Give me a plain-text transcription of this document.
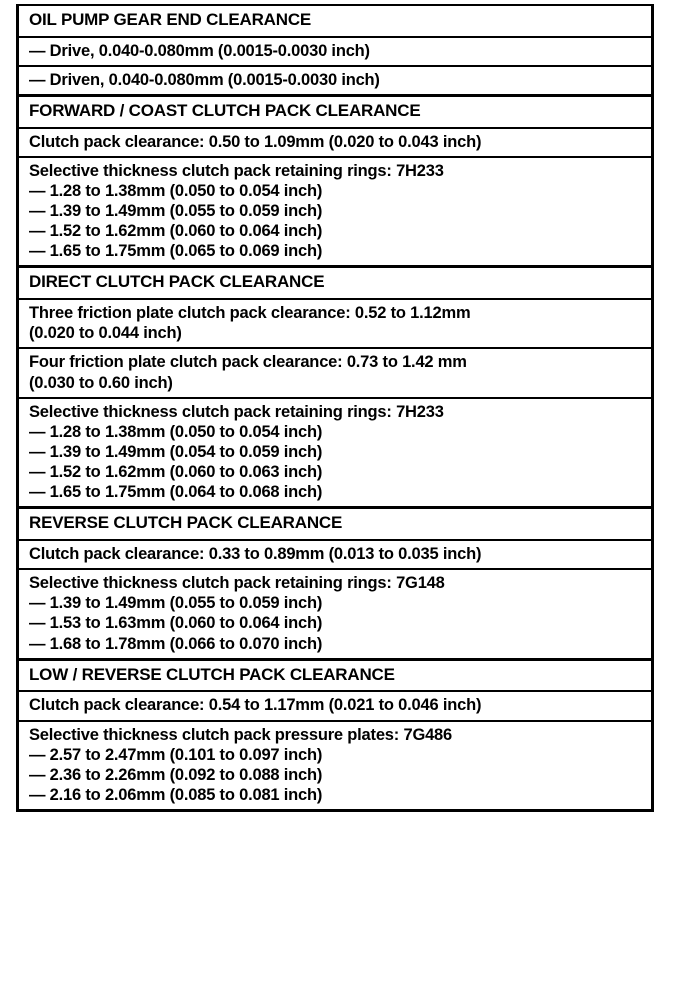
OIL PUMP GEAR END CLEARANCE
— Drive, 0.040-0.080mm (0.0015-0.0030 inch)
— Driven, 0.040-0.080mm (0.0015-0.0030 inch)
FORWARD / COAST CLUTCH PACK CLEARANCE
Clutch pack clearance: 0.50 to 1.09mm (0.020 to 0.043 inch)
Selective thickness clutch pack retaining rings: 7H233
— 1.28 to 1.38mm (0.050 to 0.054 inch)
— 1.39 to 1.49mm (0.055 to 0.059 inch)
— 1.52 to 1.62mm (0.060 to 0.064 inch)
— 1.65 to 1.75mm (0.065 to 0.069 inch)
DIRECT CLUTCH PACK CLEARANCE
Three friction plate clutch pack clearance: 0.52 to 1.12mm
(0.020 to 0.044 inch)
Four friction plate clutch pack clearance: 0.73 to 1.42 mm
(0.030 to 0.60 inch)
Selective thickness clutch pack retaining rings: 7H233
— 1.28 to 1.38mm (0.050 to 0.054 inch)
— 1.39 to 1.49mm (0.054 to 0.059 inch)
— 1.52 to 1.62mm (0.060 to 0.063 inch)
— 1.65 to 1.75mm (0.064 to 0.068 inch)
REVERSE CLUTCH PACK CLEARANCE
Clutch pack clearance: 0.33 to 0.89mm (0.013 to 0.035 inch)
Selective thickness clutch pack retaining rings: 7G148
— 1.39 to 1.49mm (0.055 to 0.059 inch)
— 1.53 to 1.63mm (0.060 to 0.064 inch)
— 1.68 to 1.78mm (0.066 to 0.070 inch)
LOW / REVERSE CLUTCH PACK CLEARANCE
Clutch pack clearance: 0.54 to 1.17mm (0.021 to 0.046 inch)
Selective thickness clutch pack pressure plates: 7G486
— 2.57 to 2.47mm (0.101 to 0.097 inch)
— 2.36 to 2.26mm (0.092 to 0.088 inch)
— 2.16 to 2.06mm (0.085 to 0.081 inch)
